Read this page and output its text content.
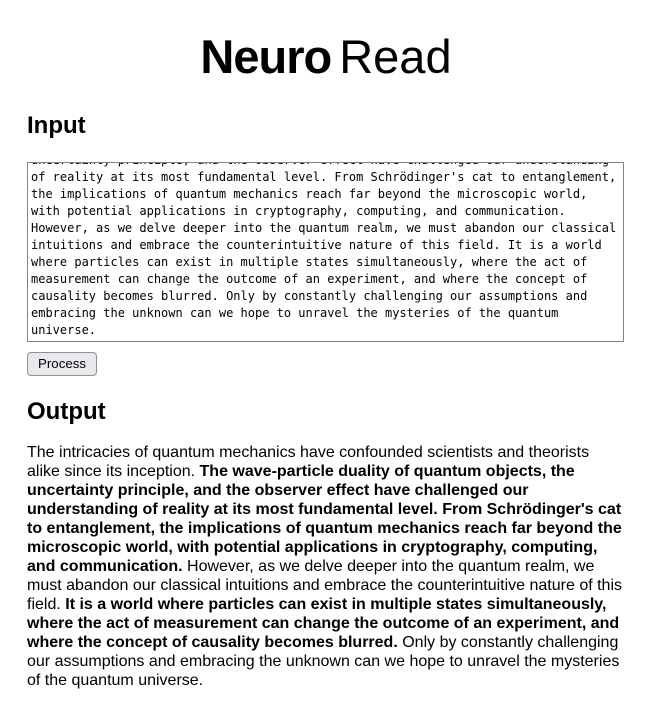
Neuro Read
Input
The intricacies of quantum mechanics have confounded scientists and theorists alike since its inception. The wave-particle duality of quantum objects, the uncertainty principle, and the observer effect have challenged our understanding of reality at its most fundamental level. From Schrödinger's cat to entanglement, the implications of quantum mechanics reach far beyond the microscopic world, with potential applications in cryptography, computing, and communication. However, as we delve deeper into the quantum realm, we must abandon our classical intuitions and embrace the counterintuitive nature of this field. It is a world where particles can exist in multiple states simultaneously, where the act of measurement can change the outcome of an experiment, and where the concept of causality becomes blurred. Only by constantly challenging our assumptions and embracing the unknown can we hope to unravel the mysteries of the quantum universe. Process
Output

The intricacies of quantum mechanics have confounded scientists and theorists alike since its inception. The wave-particle duality of quantum objects, the uncertainty principle, and the observer effect have challenged our understanding of reality at its most fundamental level. From Schrödinger's cat to entanglement, the implications of quantum mechanics reach far beyond the microscopic world, with potential applications in cryptography, computing, and communication. However, as we delve deeper into the quantum realm, we must abandon our classical intuitions and embrace the counterintuitive nature of this field. It is a world where particles can exist in multiple states simultaneously, where the act of measurement can change the outcome of an experiment, and where the concept of causality becomes blurred. Only by constantly challenging our assumptions and embracing the unknown can we hope to unravel the mysteries of the quantum universe.
